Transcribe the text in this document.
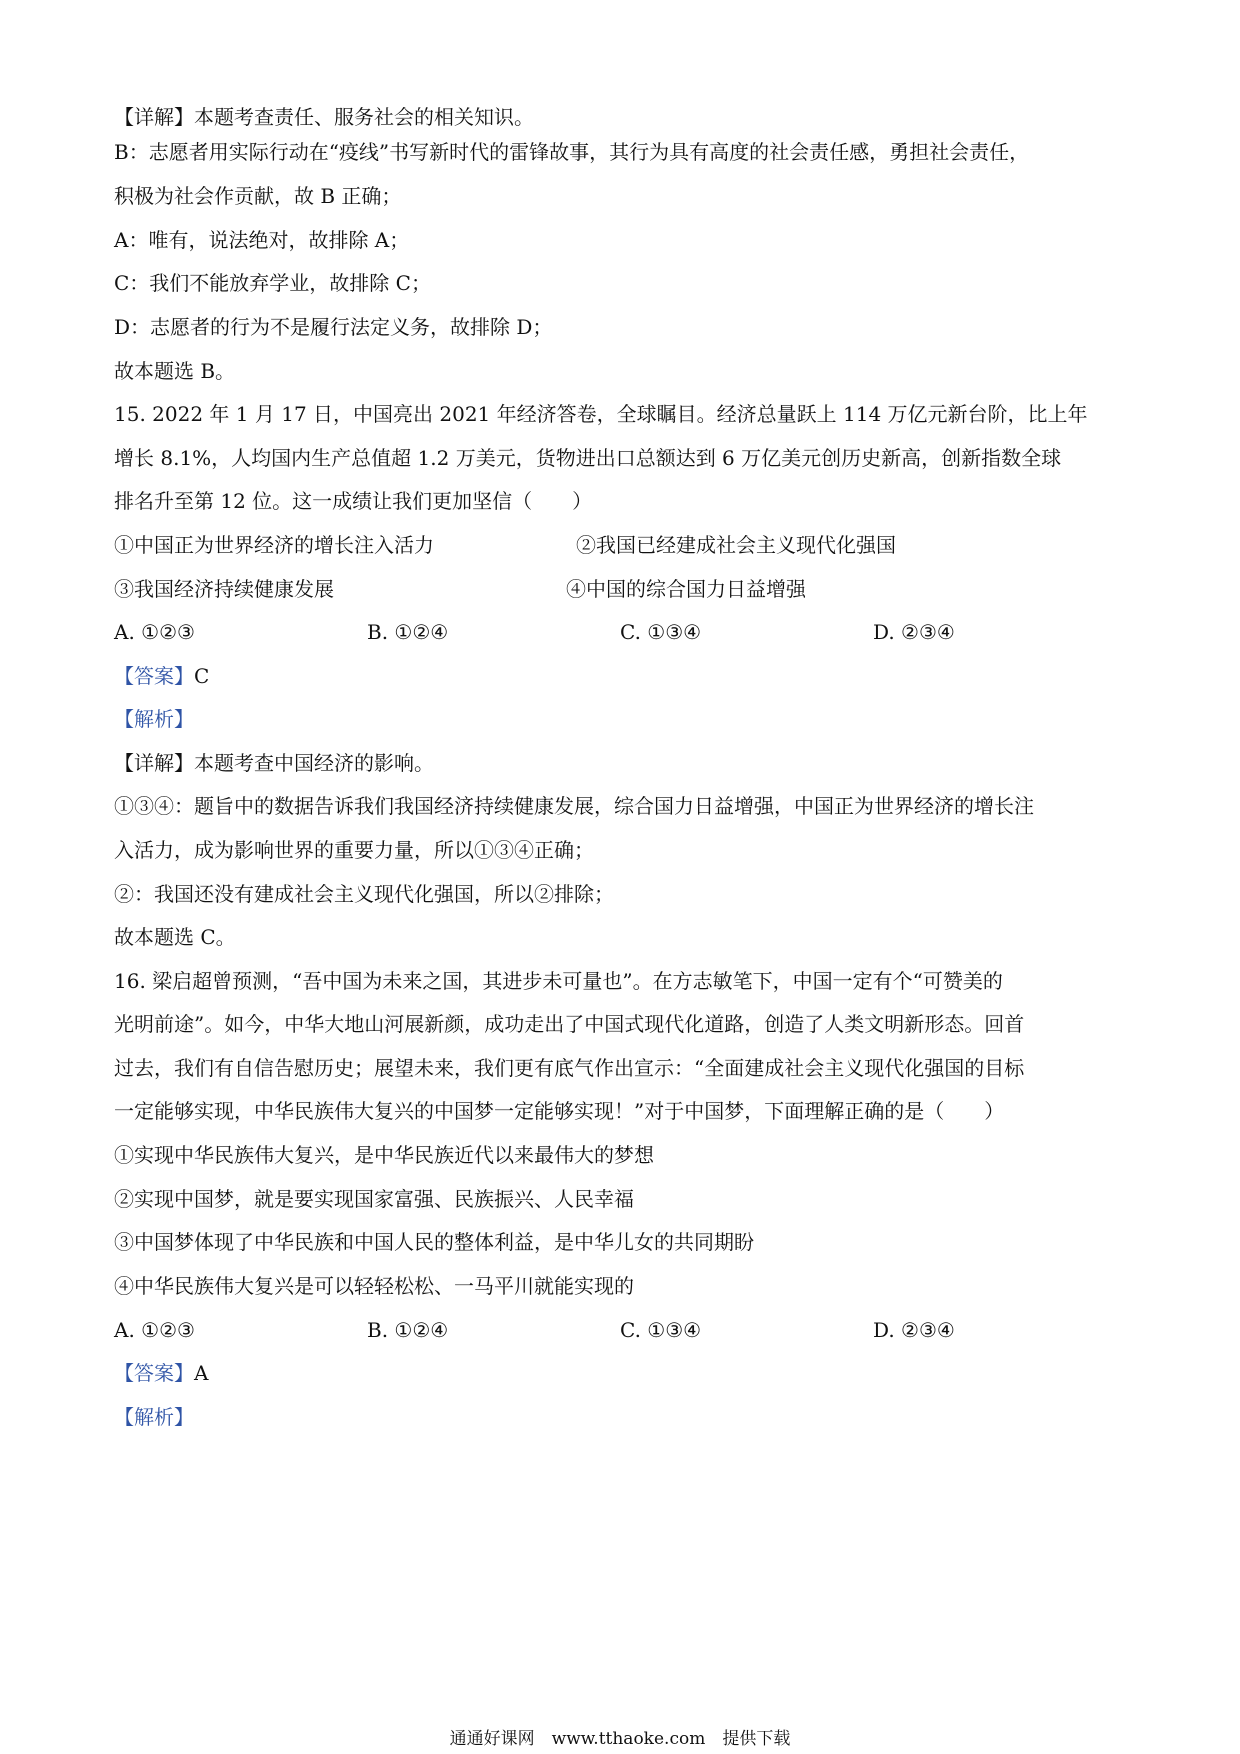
【详解】本题考查责任、服务社会的相关知识。
B：志愿者用实际行动在“疫线”书写新时代的雷锋故事，其行为具有高度的社会责任感，勇担社会责任，
积极为社会作贡献，故 B 正确；
A：唯有，说法绝对，故排除 A；
C：我们不能放弃学业，故排除 C；
D：志愿者的行为不是履行法定义务，故排除 D；
故本题选 B。
15. 2022 年 1 月 17 日，中国亮出 2021 年经济答卷，全球瞩目。经济总量跃上 114 万亿元新台阶，比上年
增长 8.1%，人均国内生产总值超 1.2 万美元，货物进出口总额达到 6 万亿美元创历史新高，创新指数全球
排名升至第 12 位。这一成绩让我们更加坚信（　　）
①中国正为世界经济的增长注入活力	②我国已经建成社会主义现代化强国
③我国经济持续健康发展	④中国的综合国力日益增强
A. ①②③	B. ①②④	C. ①③④	D. ②③④
【答案】C
【解析】
【详解】本题考查中国经济的影响。
①③④：题旨中的数据告诉我们我国经济持续健康发展，综合国力日益增强，中国正为世界经济的增长注
入活力，成为影响世界的重要力量，所以①③④正确；
②：我国还没有建成社会主义现代化强国，所以②排除；
故本题选 C。
16. 梁启超曾预测，“吾中国为未来之国，其进步未可量也”。在方志敏笔下，中国一定有个“可赞美的
光明前途”。如今，中华大地山河展新颜，成功走出了中国式现代化道路，创造了人类文明新形态。回首
过去，我们有自信告慰历史；展望未来，我们更有底气作出宣示：“全面建成社会主义现代化强国的目标
一定能够实现，中华民族伟大复兴的中国梦一定能够实现！”对于中国梦，下面理解正确的是（　　）
①实现中华民族伟大复兴，是中华民族近代以来最伟大的梦想
②实现中国梦，就是要实现国家富强、民族振兴、人民幸福
③中国梦体现了中华民族和中国人民的整体利益，是中华儿女的共同期盼
④中华民族伟大复兴是可以轻轻松松、一马平川就能实现的
A. ①②③	B. ①②④	C. ①③④	D. ②③④
【答案】A
【解析】
通通好课网　www.tthaoke.com　提供下载
